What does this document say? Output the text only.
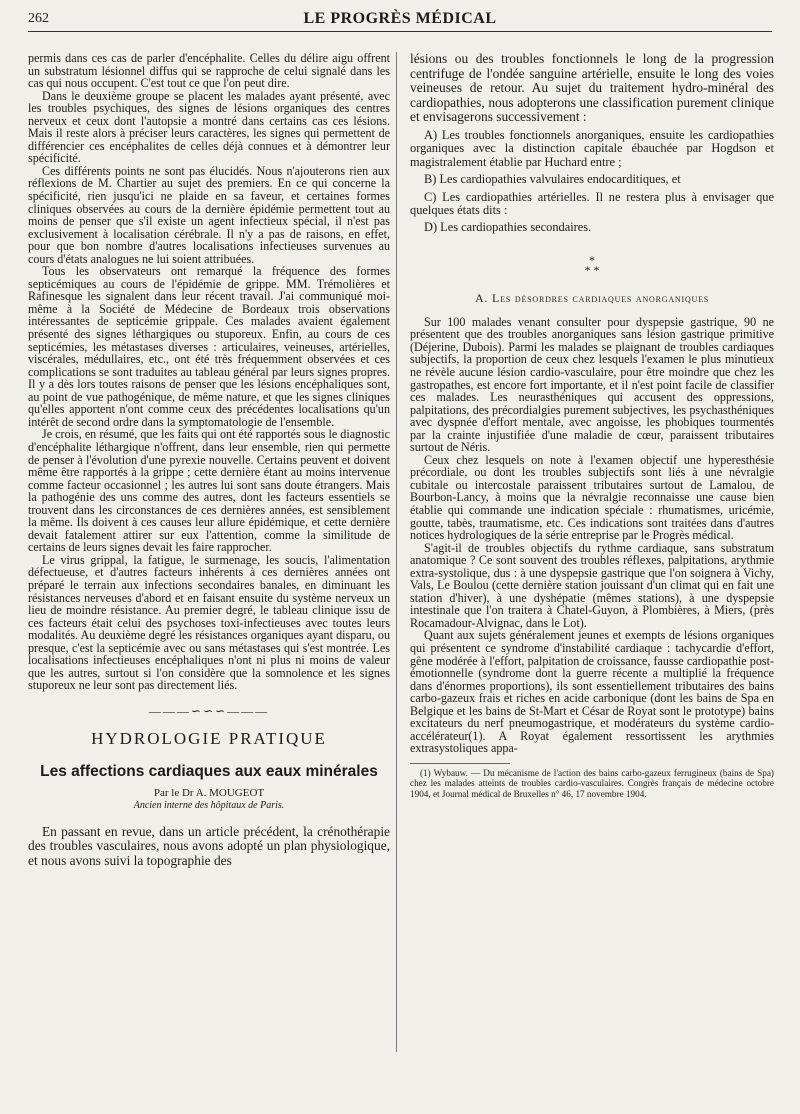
262	LE PROGRÈS MÉDICAL

permis dans ces cas de parler d'encéphalite. Celles du délire aigu offrent un substratum lésionnel diffus qui se rapproche de celui signalé dans les cas qui nous occupent. C'est tout ce que l'on peut dire.

Dans le deuxième groupe se placent les malades ayant présenté, avec les troubles psychiques, des signes de lésions organiques des centres nerveux et ceux dont l'autopsie a montré dans certains cas ces lésions. Mais il reste alors à préciser leurs caractères, les signes qui permettent de différencier ces encéphalites de celles déjà connues et à démontrer leur spécificité.

Ces différents points ne sont pas élucidés. Nous n'ajouterons rien aux réflexions de M. Chartier au sujet des premiers. En ce qui concerne la spécificité, rien jusqu'ici ne plaide en sa faveur, et certaines formes cliniques observées au cours de la dernière épidémie permettent tout au moins de penser que s'il existe un agent infectieux spécial, il n'est pas exclusivement à localisation cérébrale. Il n'y a pas de raisons, en effet, pour que bon nombre d'autres localisations infectieuses survenues au cours d'états analogues ne lui soient attribuées.

Tous les observateurs ont remarqué la fréquence des formes septicémiques au cours de l'épidémie de grippe. MM. Trémolières et Rafinesque les signalent dans leur récent travail. J'ai communiqué moi-même à la Société de Médecine de Bordeaux trois observations intéressantes de septicémie grippale. Ces malades avaient également présenté des signes léthargiques ou stuporeux. Enfin, au cours de ces septicémies, les métastases diverses : articulaires, veineuses, artérielles, viscérales, médullaires, etc., ont été très fréquemment observées et ces complications se sont traduites au tableau général par leurs signes propres. Il y a dès lors toutes raisons de penser que les lésions encéphaliques sont, au point de vue pathogénique, de même nature, et que les signes cliniques qu'elles apportent n'ont comme ceux des précédentes localisations qu'un intérêt de second ordre dans la symptomatologie de l'ensemble.

Je crois, en résumé, que les faits qui ont été rapportés sous le diagnostic d'encéphalite léthargique n'offrent, dans leur ensemble, rien qui permette de penser à l'évolution d'une pyrexie nouvelle. Certains peuvent et doivent même être rapportés à la grippe ; cette dernière étant au moins intervenue comme facteur occasionnel ; les autres lui sont sans doute étrangers. Mais la pathogénie des uns comme des autres, dont les facteurs essentiels se trouvent dans les circonstances de ces dernières années, est sensiblement la même. Ils doivent à ces causes leur allure épidémique, et cette dernière devait fatalement attirer sur eux l'attention, comme la similitude de certains de leurs signes devait les faire rapprocher.

Le virus grippal, la fatigue, le surmenage, les soucis, l'alimentation défectueuse, et d'autres facteurs inhérents à ces dernières années ont préparé le terrain aux infections secondaires banales, en diminuant les résistances nerveuses d'abord et en faisant ensuite du système nerveux un lieu de moindre résistance. Au premier degré, le tableau clinique issu de ces facteurs était celui des psychoses toxi-infectieuses avec toutes leurs modalités. Au deuxième degré les résistances organiques ayant disparu, ou presque, c'est la septicémie avec ou sans métastases qui s'est montrée. Les localisations infectieuses encéphaliques n'ont ni plus ni moins de valeur que les autres, surtout si l'on considère que la somnolence et les signes stuporeux ne leur sont pas directement liés.

———∽∽∽———
HYDROLOGIE PRATIQUE
Les affections cardiaques aux eaux minérales
Par le Dr A. MOUGEOT
Ancien interne des hôpitaux de Paris.

En passant en revue, dans un article précédent, la crénothérapie des troubles vasculaires, nous avons adopté un plan physiologique, et nous avons suivi la topographie des

lésions ou des troubles fonctionnels le long de la progression centrifuge de l'ondée sanguine artérielle, ensuite le long des voies veineuses de retour. Au sujet du traitement hydro-minéral des cardiopathies, nous adopterons une classification purement clinique et envisagerons successivement :

A) Les troubles fonctionnels anorganiques, ensuite les cardiopathies organiques avec la distinction capitale ébauchée par Hogdson et magistralement établie par Huchard entre ;

B) Les cardiopathies valvulaires endocarditiques, et

C) Les cardiopathies artérielles. Il ne restera plus à envisager que quelques états dits :

D) Les cardiopathies secondaires.

*
* *
A. Les désordres cardiaques anorganiques

Sur 100 malades venant consulter pour dyspepsie gastrique, 90 ne présentent que des troubles anorganiques sans lésion gastrique primitive (Déjerine, Dubois). Parmi les malades se plaignant de troubles cardiaques subjectifs, la proportion de ceux chez lesquels l'examen le plus minutieux ne révèle aucune lésion cardio-vasculaire, pour être moindre que chez les gastropathes, est encore fort importante, et il n'est point facile de classifier ces malades. Les neurasthéniques qui accusent des oppressions, palpitations, des précordialgies purement subjectives, les psychasthéniques avec dyspnée d'effort mentale, avec angoisse, les phobiques tourmentés par la crainte injustifiée d'une maladie de cœur, paraissent tributaires surtout de Néris.

Ceux chez lesquels on note à l'examen objectif une hyperesthésie précordiale, ou dont les troubles subjectifs sont liés à une névralgie cubitale ou intercostale paraissent tributaires surtout de Lamalou, de Bourbon-Lancy, à moins que la névralgie reconnaisse une cause bien établie qui commande une indication spéciale : rhumatismes, uricémie, goutte, tabès, traumatisme, etc. Ces indications sont traitées dans d'autres notices hydrologiques de la série entreprise par le Progrès médical.

S'agit-il de troubles objectifs du rythme cardiaque, sans substratum anatomique ? Ce sont souvent des troubles réflexes, palpitations, arythmie extra-systolique, dus : à une dyspepsie gastrique que l'on soignera à Vichy, Vals, Le Boulou (cette dernière station jouissant d'un climat qui en fait une station d'hiver), à une dyshépatie (mêmes stations), à une dyspepsie intestinale que l'on traitera à Chatel-Guyon, à Plombières, à Miers, (près Rocamadour-Alvignac, dans le Lot).

Quant aux sujets généralement jeunes et exempts de lésions organiques qui présentent ce syndrome d'instabilité cardiaque : tachycardie d'effort, gêne modérée à l'effort, palpitation de croissance, fausse cardiopathie post-émotionnelle (syndrome dont la guerre récente a multiplié la fréquence dans d'énormes proportions), ils sont essentiellement tributaires des bains carbo-gazeux frais et riches en acide carbonique (dont les bains de Spa en Belgique et les bains de St-Mart et César de Royat sont le prototype) bains excitateurs du nerf pneumogastrique, et modérateurs du système cardio-accélérateur(1). A Royat également ressortissent les arythmies extrasystoliques appa-

(1) Wybauw. — Du mécanisme de l'action des bains carbo-gazeux ferrugineux (bains de Spa) chez les malades atteints de troubles cardio-vasculaires. Congrès français de médecine octobre 1904, et Journal médical de Bruxelles n° 46, 17 novembre 1904.
